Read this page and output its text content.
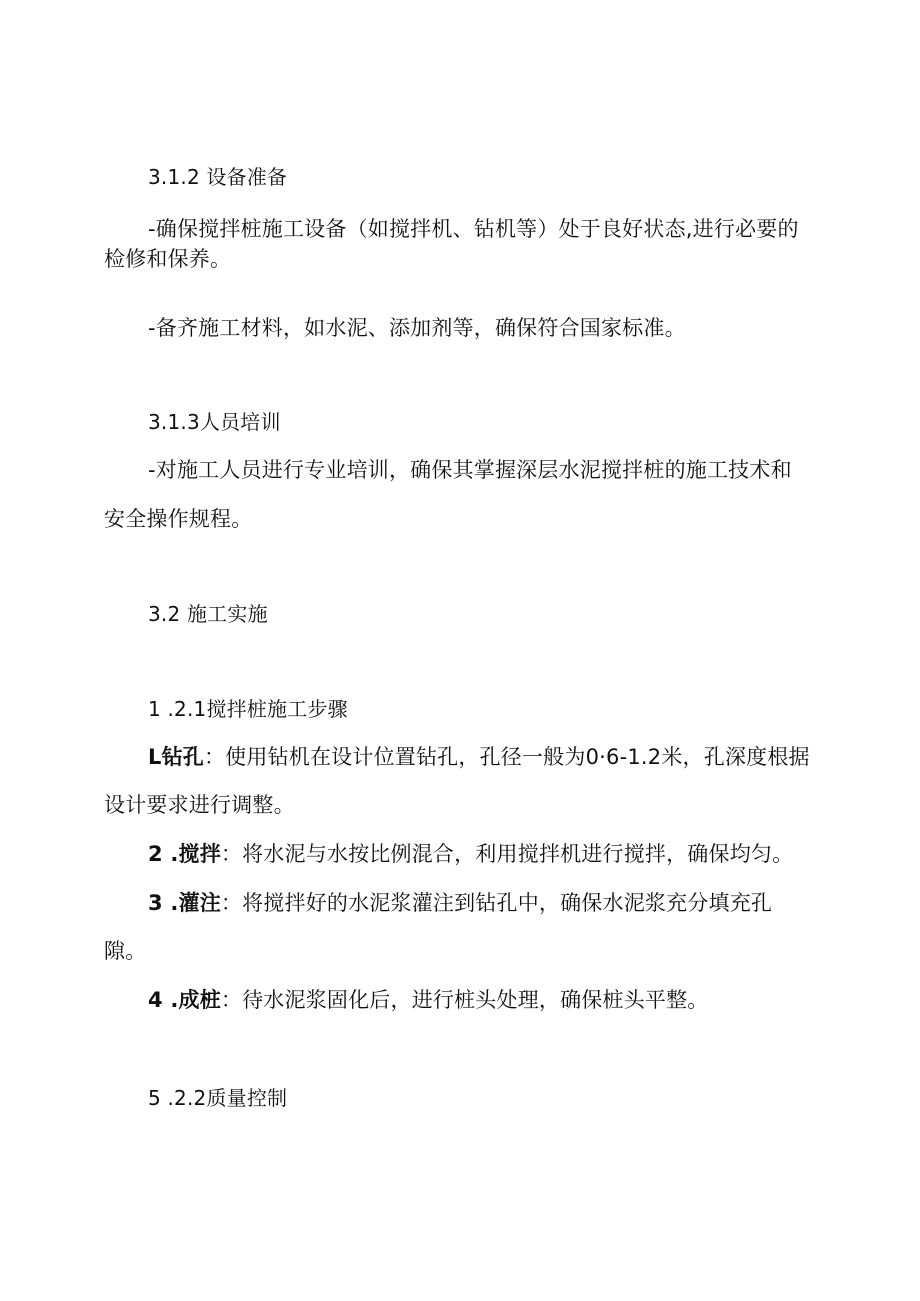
3.1.2 设备准备
-确保搅拌桩施工设备（如搅拌机、钻机等）处于良好状态,进行必要的
检修和保养。
-备齐施工材料，如水泥、添加剂等，确保符合国家标准。
3.1.3人员培训
-对施工人员进行专业培训，确保其掌握深层水泥搅拌桩的施工技术和
安全操作规程。
3.2 施工实施
1 .2.1搅拌桩施工步骤
L钻孔：使用钻机在设计位置钻孔，孔径一般为0·6-1.2米，孔深度根据
设计要求进行调整。
2 .搅拌：将水泥与水按比例混合，利用搅拌机进行搅拌，确保均匀。
3 .灌注：将搅拌好的水泥浆灌注到钻孔中，确保水泥浆充分填充孔
隙。
4 .成桩：待水泥浆固化后，进行桩头处理，确保桩头平整。
5 .2.2质量控制
